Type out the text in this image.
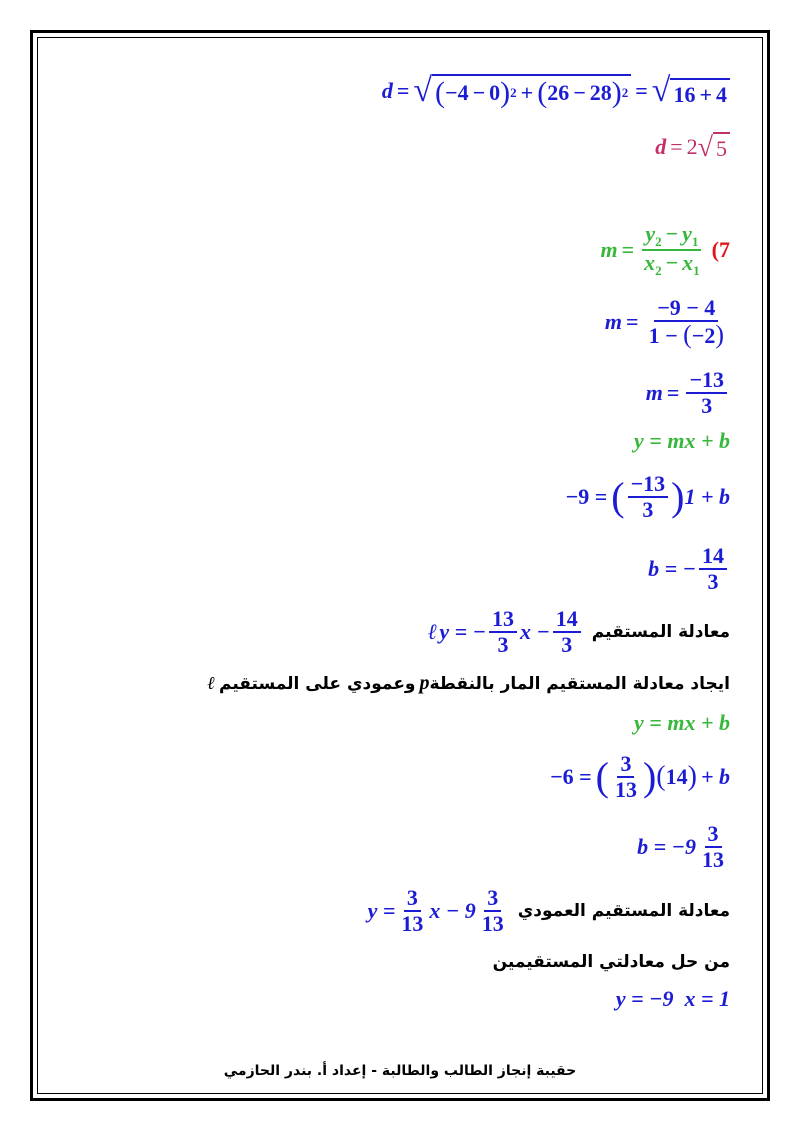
d = √ ( −4 − 0 ) 2 + ( 26 − 28 ) 2 = √ 16 + 4
d = 2 √ 5
$m = \frac{y_2 - y_1}{x_2 - x_1} (7$
$m = \frac{-9 - 4}{1 - (-2)}$
$m = \frac{-13}{3}$
y = mx + b
−9 = ( $\frac{-13}{3}$ ) 1 + b
b = − $\frac{14}{3}$
ℓ y = − $\frac{13}{3}$ $x - \frac{14}{3}$ معادلة المستقيم
ℓ وعمودي على المستقيم p ايجاد معادلة المستقيم المار بالنقطة
y = mx + b
−6 = ( $\frac{3}{13}$ ) ( 14 ) + b
$b = -9 \frac{3}{13}$
$y = \frac{3}{13}$ $x - 9 \frac{3}{13}$ معادلة المستقيم العمودي
من حل معادلتي المستقيمين
y = −9  x = 1
حقيبة إنجاز الطالب والطالبة - إعداد أ. بندر الحازمي
